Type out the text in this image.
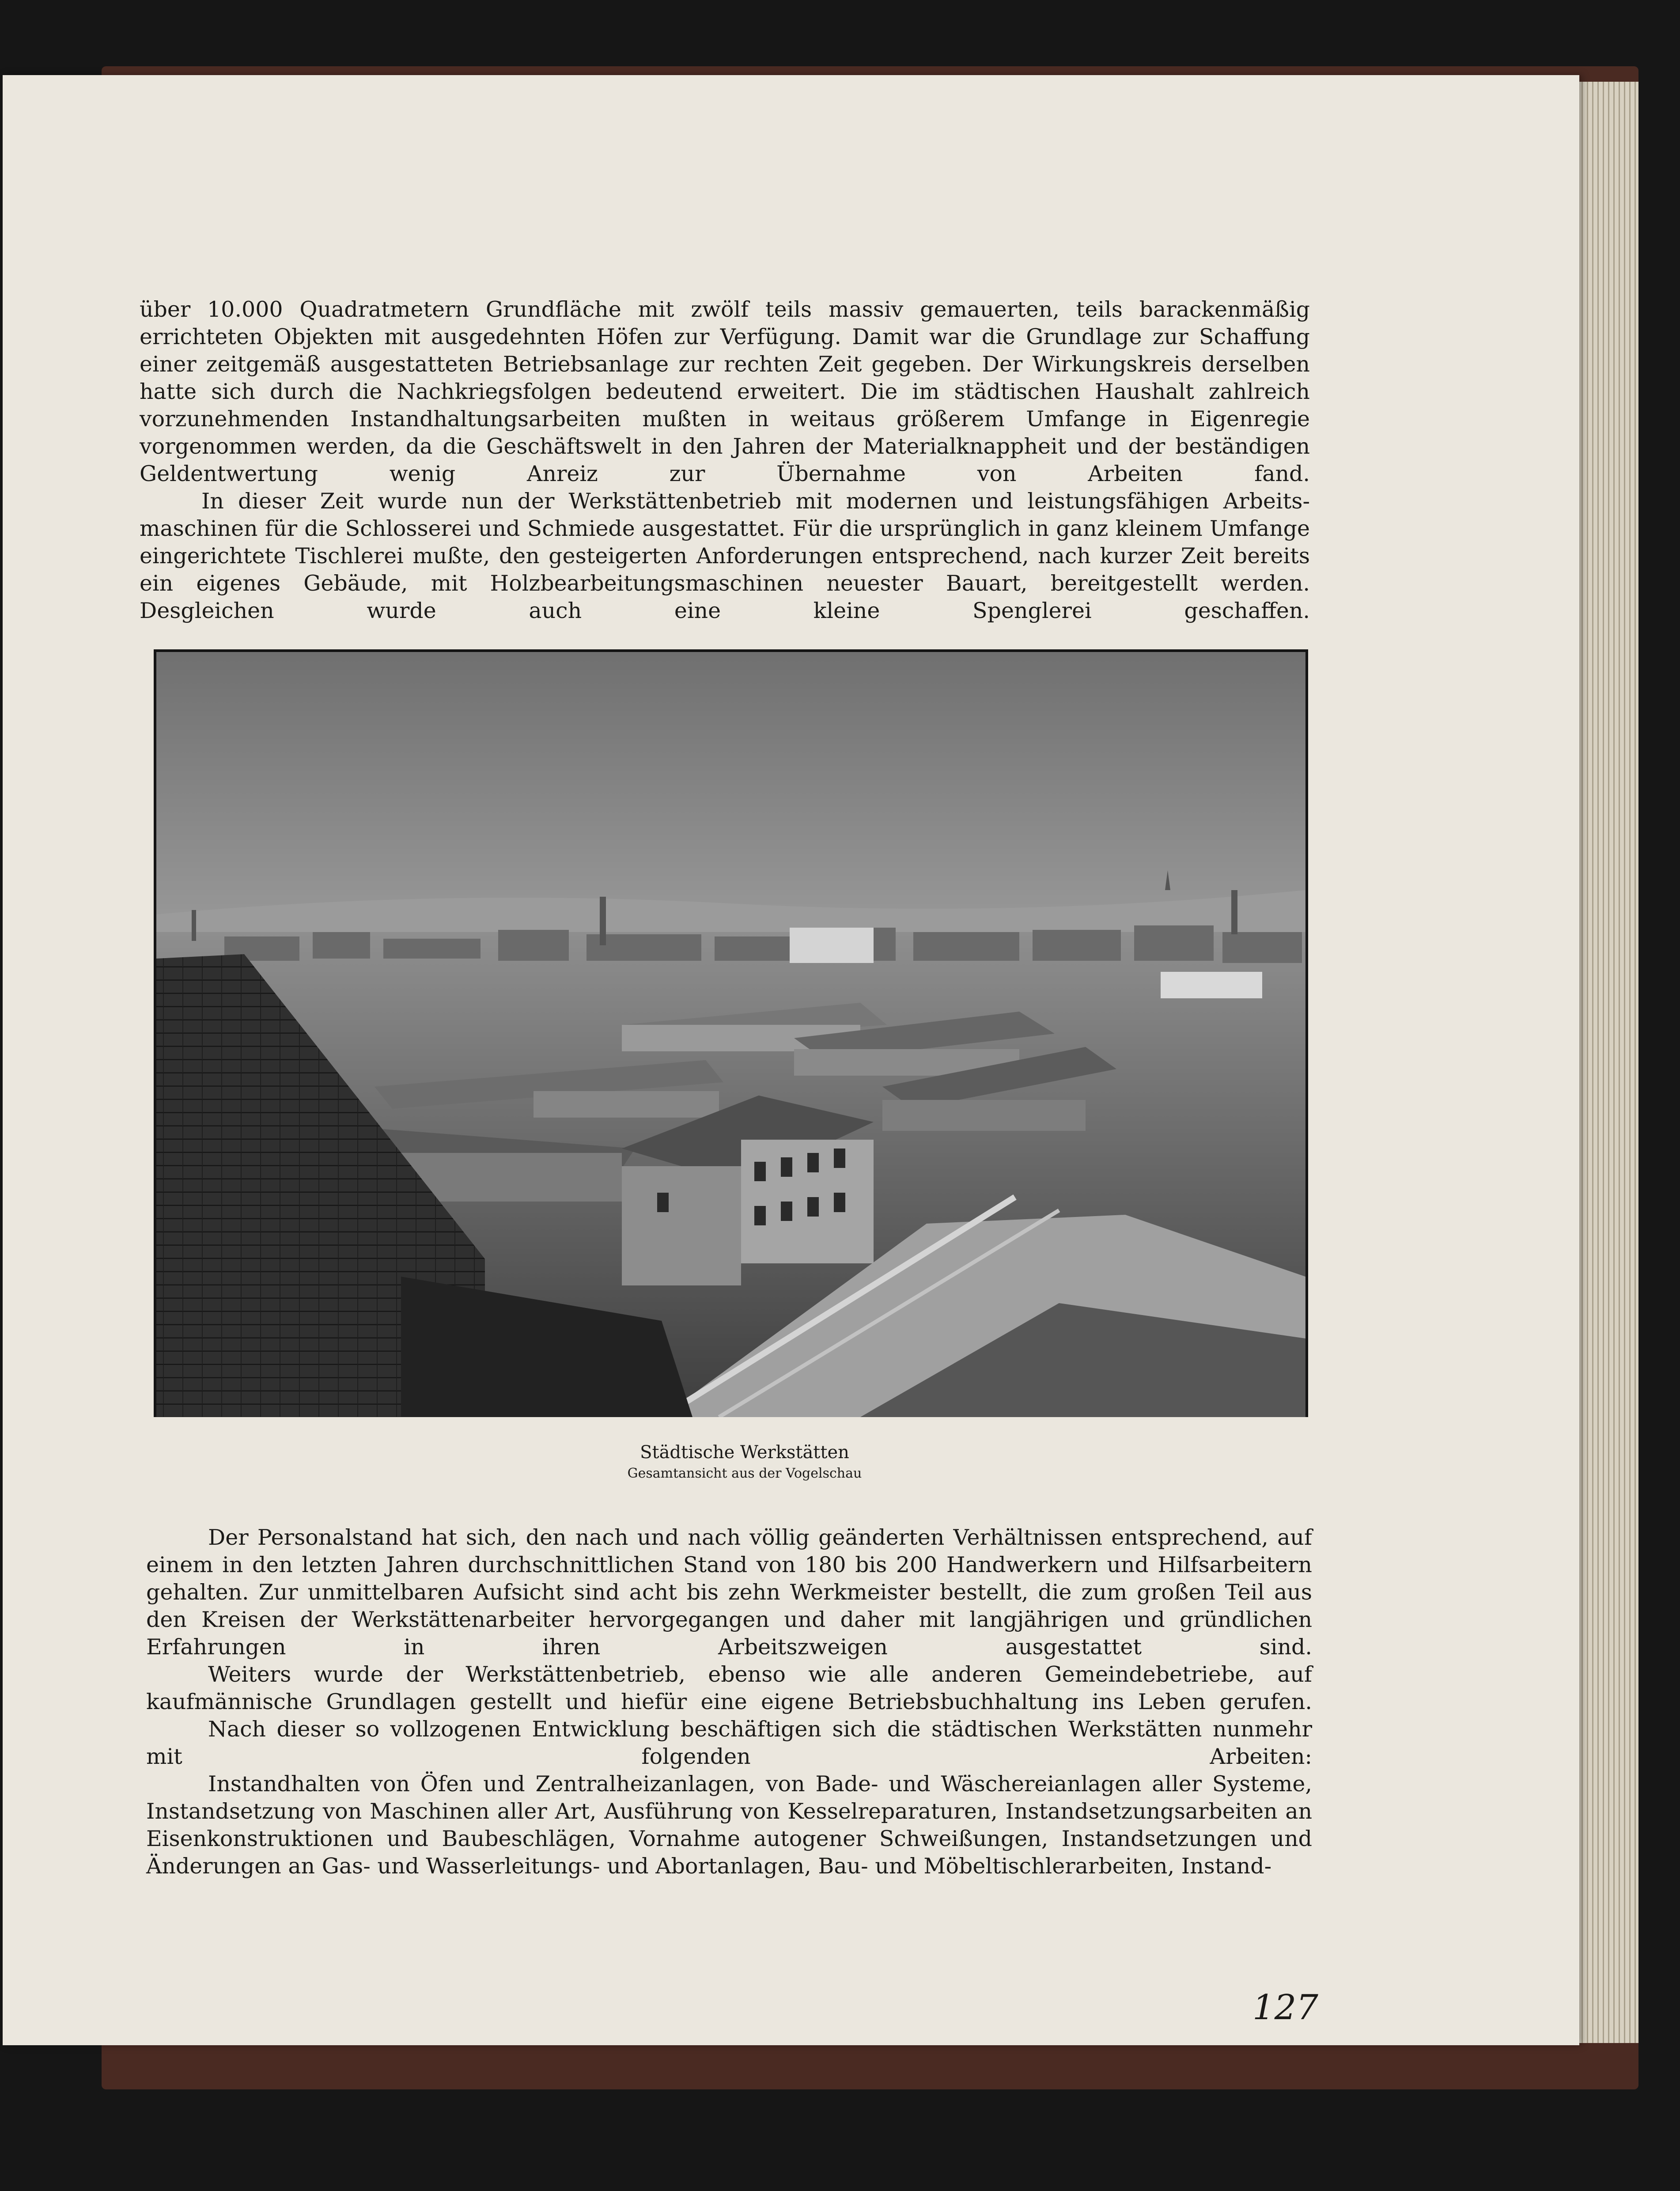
über 10.000 Quadratmetern Grundfläche mit zwölf teils massiv gemauerten, teils barackenmäßig errichteten Objekten mit ausgedehnten Höfen zur Verfügung. Damit war die Grundlage zur Schaffung einer zeitgemäß ausgestatteten Betriebsanlage zur rechten Zeit gegeben. Der Wirkungskreis derselben hatte sich durch die Nachkriegsfolgen bedeutend erweitert. Die im städtischen Haushalt zahlreich vorzunehmenden Instandhaltungsarbeiten mußten in weitaus größerem Umfange in Eigenregie vorgenommen werden, da die Geschäftswelt in den Jahren der Materialknappheit und der beständigen Geldentwertung wenig Anreiz	zur Übernahme von Arbeiten fand.

In dieser Zeit wurde nun der Werkstättenbetrieb mit modernen und leistungsfähigen Arbeits- maschinen für die Schlosserei und Schmiede ausgestattet. Für die ursprünglich in ganz kleinem Umfange eingerichtete Tischlerei mußte, den gesteigerten Anforderungen entsprechend, nach kurzer Zeit bereits ein eigenes Gebäude, mit Holzbearbeitungsmaschinen neuester Bauart, bereitgestellt werden. Desgleichen	wurde auch eine kleine Spenglerei geschaffen.

Städtische Werkstätten
Gesamtansicht aus der Vogelschau

Der Personalstand hat sich, den nach und nach völlig geänderten Verhältnissen entsprechend, auf einem in den letzten Jahren durchschnittlichen Stand von 180 bis 200 Handwerkern und Hilfsarbeitern gehalten. Zur unmittelbaren Aufsicht sind acht bis zehn Werkmeister bestellt, die zum großen Teil aus den Kreisen der Werkstättenarbeiter hervorgegangen und daher mit langjährigen und gründlichen Erfahrungen in ihren Arbeitszweigen ausgestattet sind.

Weiters wurde der Werkstättenbetrieb, ebenso wie alle anderen Gemeindebetriebe, auf kaufmännische Grundlagen gestellt und hiefür eine eigene Betriebsbuchhaltung ins Leben gerufen.

Nach dieser so vollzogenen Entwicklung beschäftigen sich die städtischen Werkstätten nunmehr mit	folgenden Arbeiten:

Instandhalten von Öfen und Zentralheizanlagen, von Bade- und Wäschereianlagen aller Systeme, Instandsetzung von Maschinen aller Art, Ausführung von Kesselreparaturen, Instandsetzungsarbeiten an Eisenkonstruktionen und Baubeschlägen, Vornahme autogener Schweißungen, Instandsetzungen und Änderungen an Gas- und Wasserleitungs- und Abortanlagen, Bau- und Möbeltischlerarbeiten, Instand-

127
